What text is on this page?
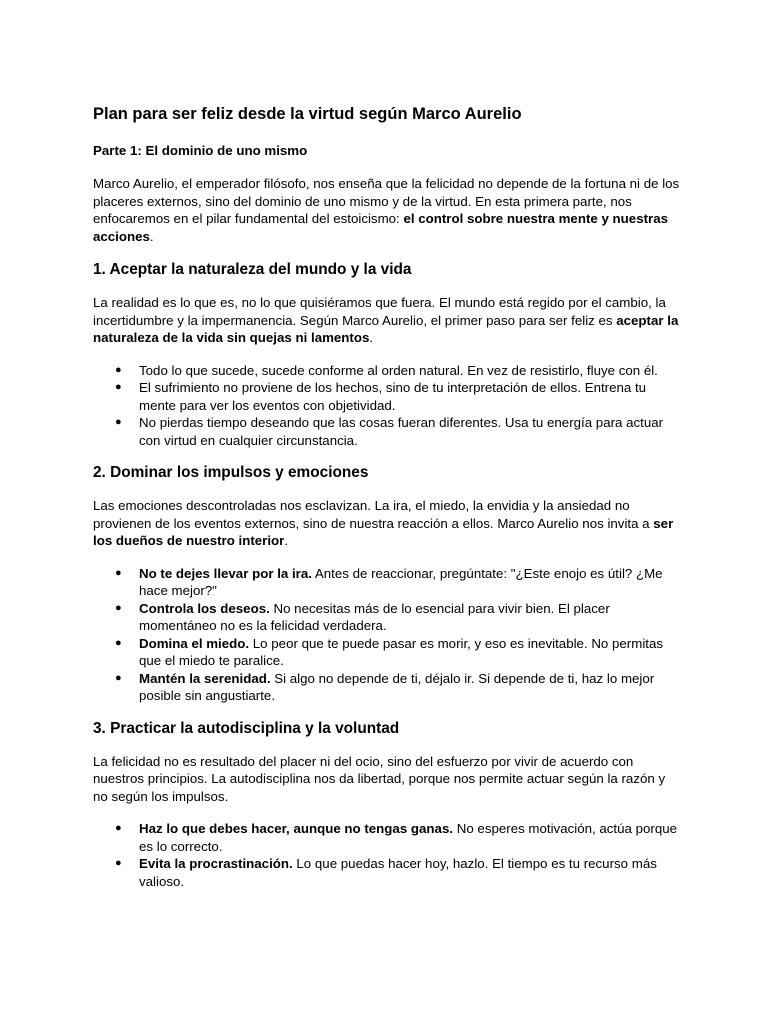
Plan para ser feliz desde la virtud según Marco Aurelio
Parte 1: El dominio de uno mismo

Marco Aurelio, el emperador filósofo, nos enseña que la felicidad no depende de la fortuna ni de los placeres externos, sino del dominio de uno mismo y de la virtud. En esta primera parte, nos enfocaremos en el pilar fundamental del estoicismo: el control sobre nuestra mente y nuestras acciones.

1. Aceptar la naturaleza del mundo y la vida

La realidad es lo que es, no lo que quisiéramos que fuera. El mundo está regido por el cambio, la incertidumbre y la impermanencia. Según Marco Aurelio, el primer paso para ser feliz es aceptar la naturaleza de la vida sin quejas ni lamentos.

● Todo lo que sucede, sucede conforme al orden natural. En vez de resistirlo, fluye con él.
● El sufrimiento no proviene de los hechos, sino de tu interpretación de ellos. Entrena tu mente para ver los eventos con objetividad.
● No pierdas tiempo deseando que las cosas fueran diferentes. Usa tu energía para actuar con virtud en cualquier circunstancia.
2. Dominar los impulsos y emociones

Las emociones descontroladas nos esclavizan. La ira, el miedo, la envidia y la ansiedad no provienen de los eventos externos, sino de nuestra reacción a ellos. Marco Aurelio nos invita a ser los dueños de nuestro interior.

● No te dejes llevar por la ira. Antes de reaccionar, pregúntate: "¿Este enojo es útil? ¿Me hace mejor?"
● Controla los deseos. No necesitas más de lo esencial para vivir bien. El placer momentáneo no es la felicidad verdadera.
● Domina el miedo. Lo peor que te puede pasar es morir, y eso es inevitable. No permitas que el miedo te paralice.
● Mantén la serenidad. Si algo no depende de ti, déjalo ir. Si depende de ti, haz lo mejor posible sin angustiarte.
3. Practicar la autodisciplina y la voluntad

La felicidad no es resultado del placer ni del ocio, sino del esfuerzo por vivir de acuerdo con nuestros principios. La autodisciplina nos da libertad, porque nos permite actuar según la razón y no según los impulsos.

● Haz lo que debes hacer, aunque no tengas ganas. No esperes motivación, actúa porque es lo correcto.
● Evita la procrastinación. Lo que puedas hacer hoy, hazlo. El tiempo es tu recurso más valioso.
